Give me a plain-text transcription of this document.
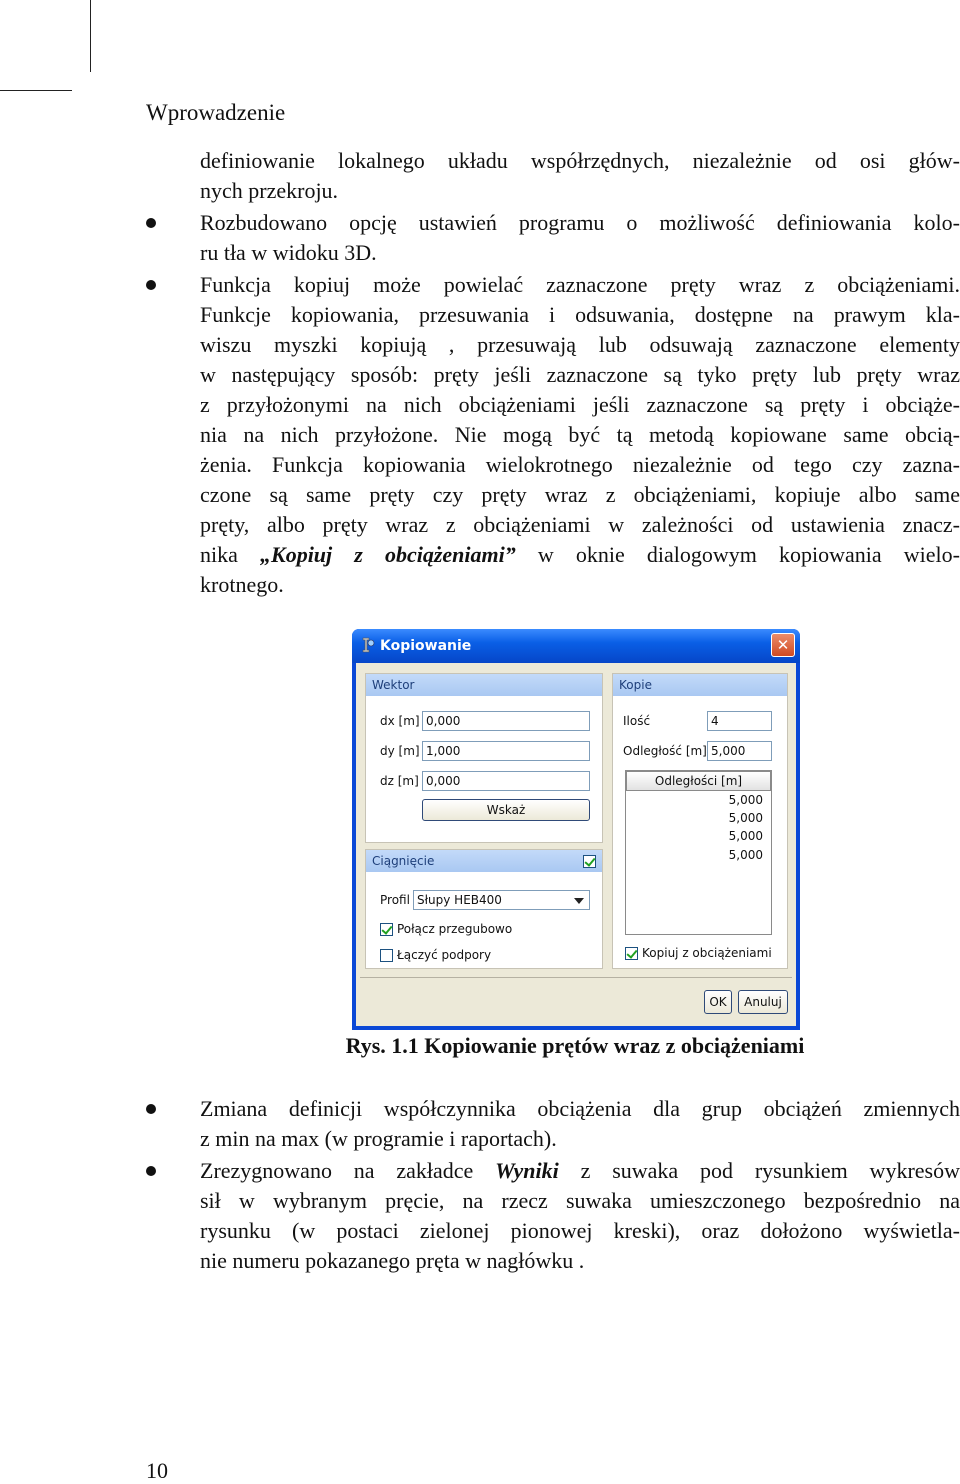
Wprowadzenie
definiowanie lokalnego układu współrzędnych, niezależnie od osi głów-
nych przekroju.
Rozbudowano opcję ustawień programu o możliwość definiowania kolo-
ru tła w widoku 3D.
Funkcja kopiuj może powielać zaznaczone pręty wraz z obciążeniami.
Funkcje kopiowania, przesuwania i odsuwania, dostępne na prawym kla-
wiszu myszki kopiują , przesuwają lub odsuwają zaznaczone elementy
w następujący sposób: pręty jeśli zaznaczone są tyko pręty lub pręty wraz
z przyłożonymi na nich obciążeniami jeśli zaznaczone są pręty i obciąże-
nia na nich przyłożone. Nie mogą być tą metodą kopiowane same obcią-
żenia. Funkcja kopiowania wielokrotnego niezależnie od tego czy zazna-
czone są same pręty czy pręty wraz z obciążeniami, kopiuje albo same
pręty, albo pręty wraz z obciążeniami w zależności od ustawienia znacz-
nika „Kopiuj z obciążeniami” w oknie dialogowym kopiowania wielo-
krotnego.
Kopiowanie	✕
Wektor
dx [m] 0,000
dy [m] 1,000
dz [m] 0,000
Wskaż
Ciągnięcie
Profil Słupy HEB400
Połącz przegubowo
Łączyć podpory
Kopie
Ilość	4
Odległość [m] 5,000
Odległości [m]
5,000
5,000
5,000
5,000
Kopiuj z obciążeniami
OK	Anuluj
Rys. 1.1 Kopiowanie prętów wraz z obciążeniami
Zmiana definicji współczynnika obciążenia dla grup obciążeń zmiennych
z min na max (w programie i raportach).
Zrezygnowano na zakładce Wyniki z suwaka pod rysunkiem wykresów
sił w wybranym pręcie, na rzecz suwaka umieszczonego bezpośrednio na
rysunku (w postaci zielonej pionowej kreski), oraz dołożono wyświetla-
nie numeru pokazanego pręta w nagłówku .
10
